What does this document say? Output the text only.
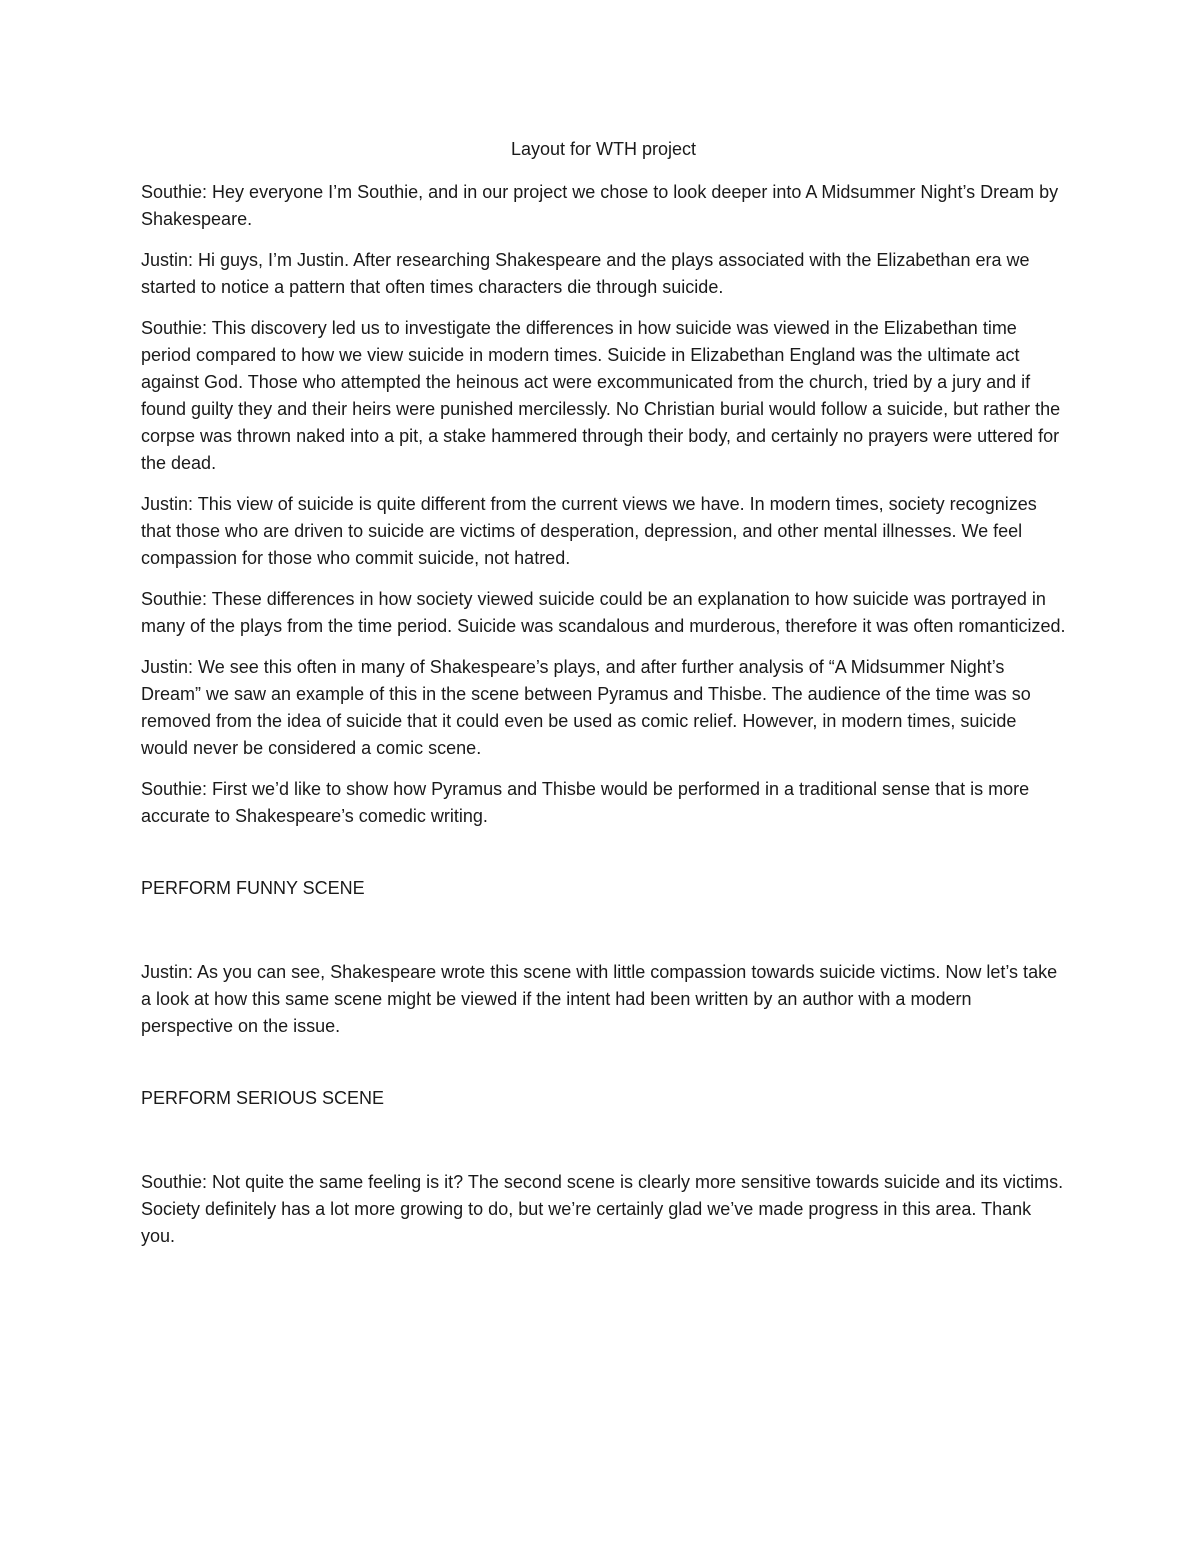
Layout for WTH project

Southie: Hey everyone I’m Southie, and in our project we chose to look deeper into A Midsummer Night’s Dream by Shakespeare.

Justin: Hi guys, I’m Justin. After researching Shakespeare and the plays associated with the Elizabethan era we started to notice a pattern that often times characters die through suicide.

Southie: This discovery led us to investigate the differences in how suicide was viewed in the Elizabethan time period compared to how we view suicide in modern times. Suicide in Elizabethan England was the ultimate act against God. Those who attempted the heinous act were excommunicated from the church, tried by a jury and if found guilty they and their heirs were punished mercilessly. No Christian burial would follow a suicide, but rather the corpse was thrown naked into a pit, a stake hammered through their body, and certainly no prayers were uttered for the dead.

Justin: This view of suicide is quite different from the current views we have. In modern times, society recognizes that those who are driven to suicide are victims of desperation, depression, and other mental illnesses. We feel compassion for those who commit suicide, not hatred.

Southie: These differences in how society viewed suicide could be an explanation to how suicide was portrayed in many of the plays from the time period. Suicide was scandalous and murderous, therefore it was often romanticized.

Justin: We see this often in many of Shakespeare’s plays, and after further analysis of “A Midsummer Night’s Dream” we saw an example of this in the scene between Pyramus and Thisbe. The audience of the time was so removed from the idea of suicide that it could even be used as comic relief. However, in modern times, suicide would never be considered a comic scene.

Southie: First we’d like to show how Pyramus and Thisbe would be performed in a traditional sense that is more accurate to Shakespeare’s comedic writing.

PERFORM FUNNY SCENE

Justin: As you can see, Shakespeare wrote this scene with little compassion towards suicide victims. Now let’s take a look at how this same scene might be viewed if the intent had been written by an author with a modern perspective on the issue.

PERFORM SERIOUS SCENE

Southie: Not quite the same feeling is it? The second scene is clearly more sensitive towards suicide and its victims. Society definitely has a lot more growing to do, but we’re certainly glad we’ve made progress in this area. Thank you.
